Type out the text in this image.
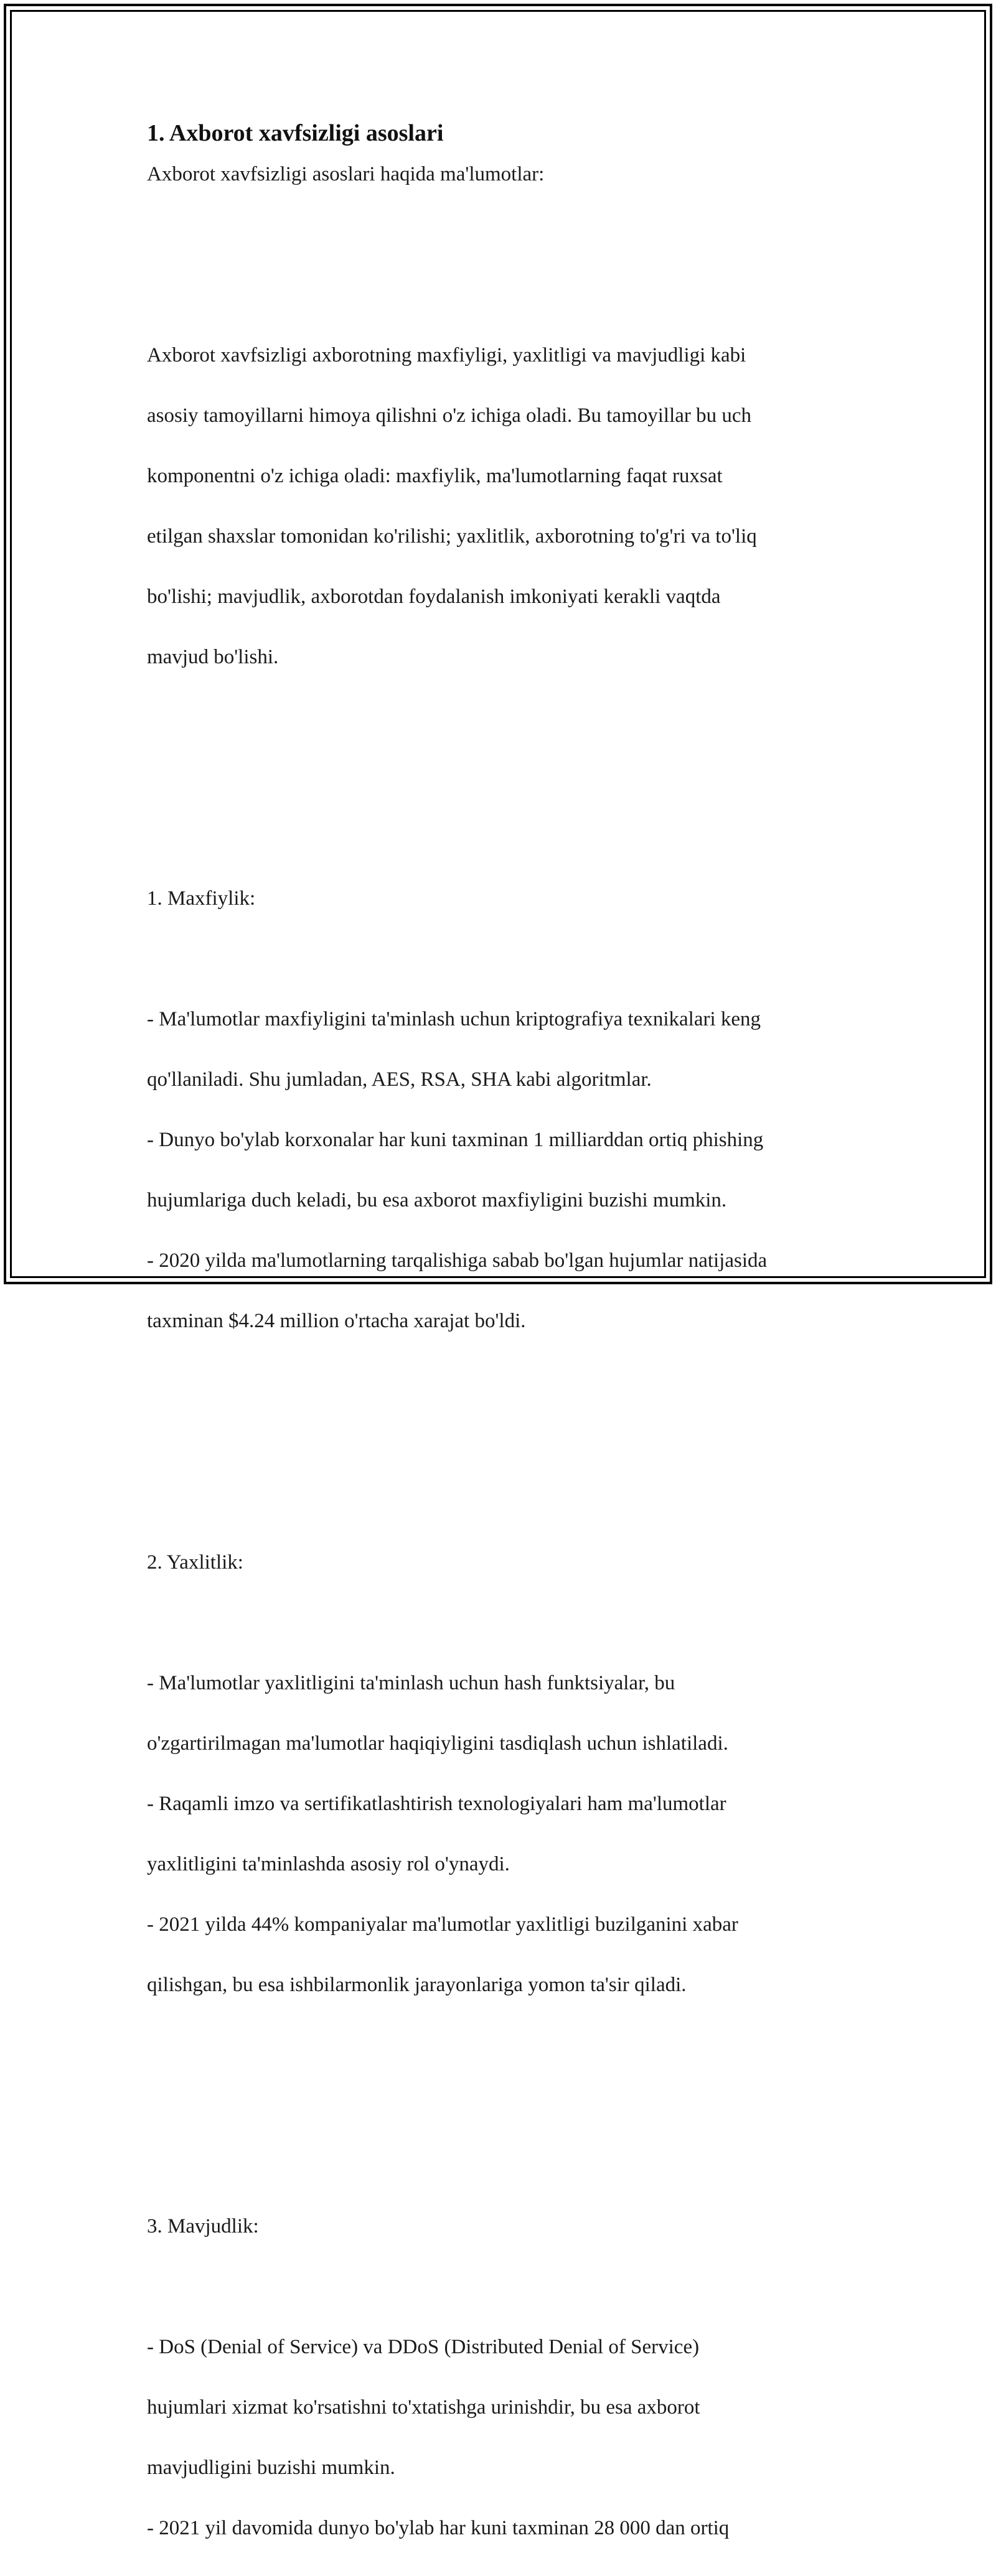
1. Axborot xavfsizligi asoslari

Axborot xavfsizligi asoslari haqida ma'lumotlar:

Axborot xavfsizligi axborotning maxfiyligi, yaxlitligi va mavjudligi kabi

asosiy tamoyillarni himoya qilishni o'z ichiga oladi. Bu tamoyillar bu uch

komponentni o'z ichiga oladi: maxfiylik, ma'lumotlarning faqat ruxsat

etilgan shaxslar tomonidan ko'rilishi; yaxlitlik, axborotning to'g'ri va to'liq

bo'lishi; mavjudlik, axborotdan foydalanish imkoniyati kerakli vaqtda

mavjud bo'lishi.

1. Maxfiylik:

- Ma'lumotlar maxfiyligini ta'minlash uchun kriptografiya texnikalari keng

qo'llaniladi. Shu jumladan, AES, RSA, SHA kabi algoritmlar.

- Dunyo bo'ylab korxonalar har kuni taxminan 1 milliarddan ortiq phishing

hujumlariga duch keladi, bu esa axborot maxfiyligini buzishi mumkin.

- 2020 yilda ma'lumotlarning tarqalishiga sabab bo'lgan hujumlar natijasida

taxminan $4.24 million o'rtacha xarajat bo'ldi.

2. Yaxlitlik:

- Ma'lumotlar yaxlitligini ta'minlash uchun hash funktsiyalar, bu

o'zgartirilmagan ma'lumotlar haqiqiyligini tasdiqlash uchun ishlatiladi.

- Raqamli imzo va sertifikatlashtirish texnologiyalari ham ma'lumotlar

yaxlitligini ta'minlashda asosiy rol o'ynaydi.

- 2021 yilda 44% kompaniyalar ma'lumotlar yaxlitligi buzilganini xabar

qilishgan, bu esa ishbilarmonlik jarayonlariga yomon ta'sir qiladi.

3. Mavjudlik:

- DoS (Denial of Service) va DDoS (Distributed Denial of Service)

hujumlari xizmat ko'rsatishni to'xtatishga urinishdir, bu esa axborot

mavjudligini buzishi mumkin.

- 2021 yil davomida dunyo bo'ylab har kuni taxminan 28 000 dan ortiq
